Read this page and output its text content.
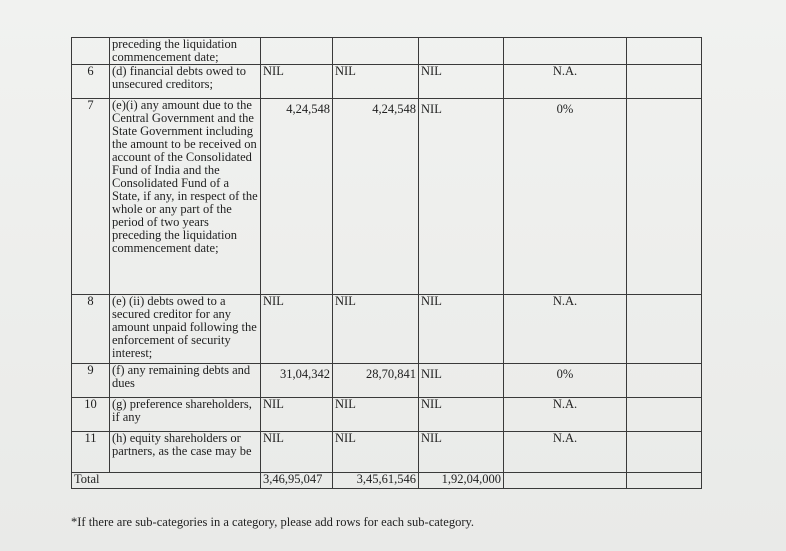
	preceding the liquidation commencement date;					
6	(d) financial debts owed to unsecured creditors;	NIL	NIL	NIL	N.A.	
7	(e)(i) any amount due to the Central Government and the State Government including the amount to be received on account of the Consolidated Fund of India and the Consolidated Fund of a State, if any, in respect of the whole or any part of the period of two years preceding the liquidation commencement date;	4,24,548	4,24,548	NIL	0%	

8	(e) (ii) debts owed to a secured creditor for any amount unpaid following the enforcement of security interest;	NIL	NIL	NIL	N.A.	
9	(f) any remaining debts and dues	31,04,342	28,70,841	NIL	0%	

10	(g) preference shareholders, if any	NIL	NIL	NIL	N.A.	
11	(h) equity shareholders or partners, as the case may be	NIL	NIL	NIL	N.A.	
Total		3,46,95,047	3,45,61,546	1,92,04,000		
*If there are sub-categories in a category, please add rows for each sub-category.
